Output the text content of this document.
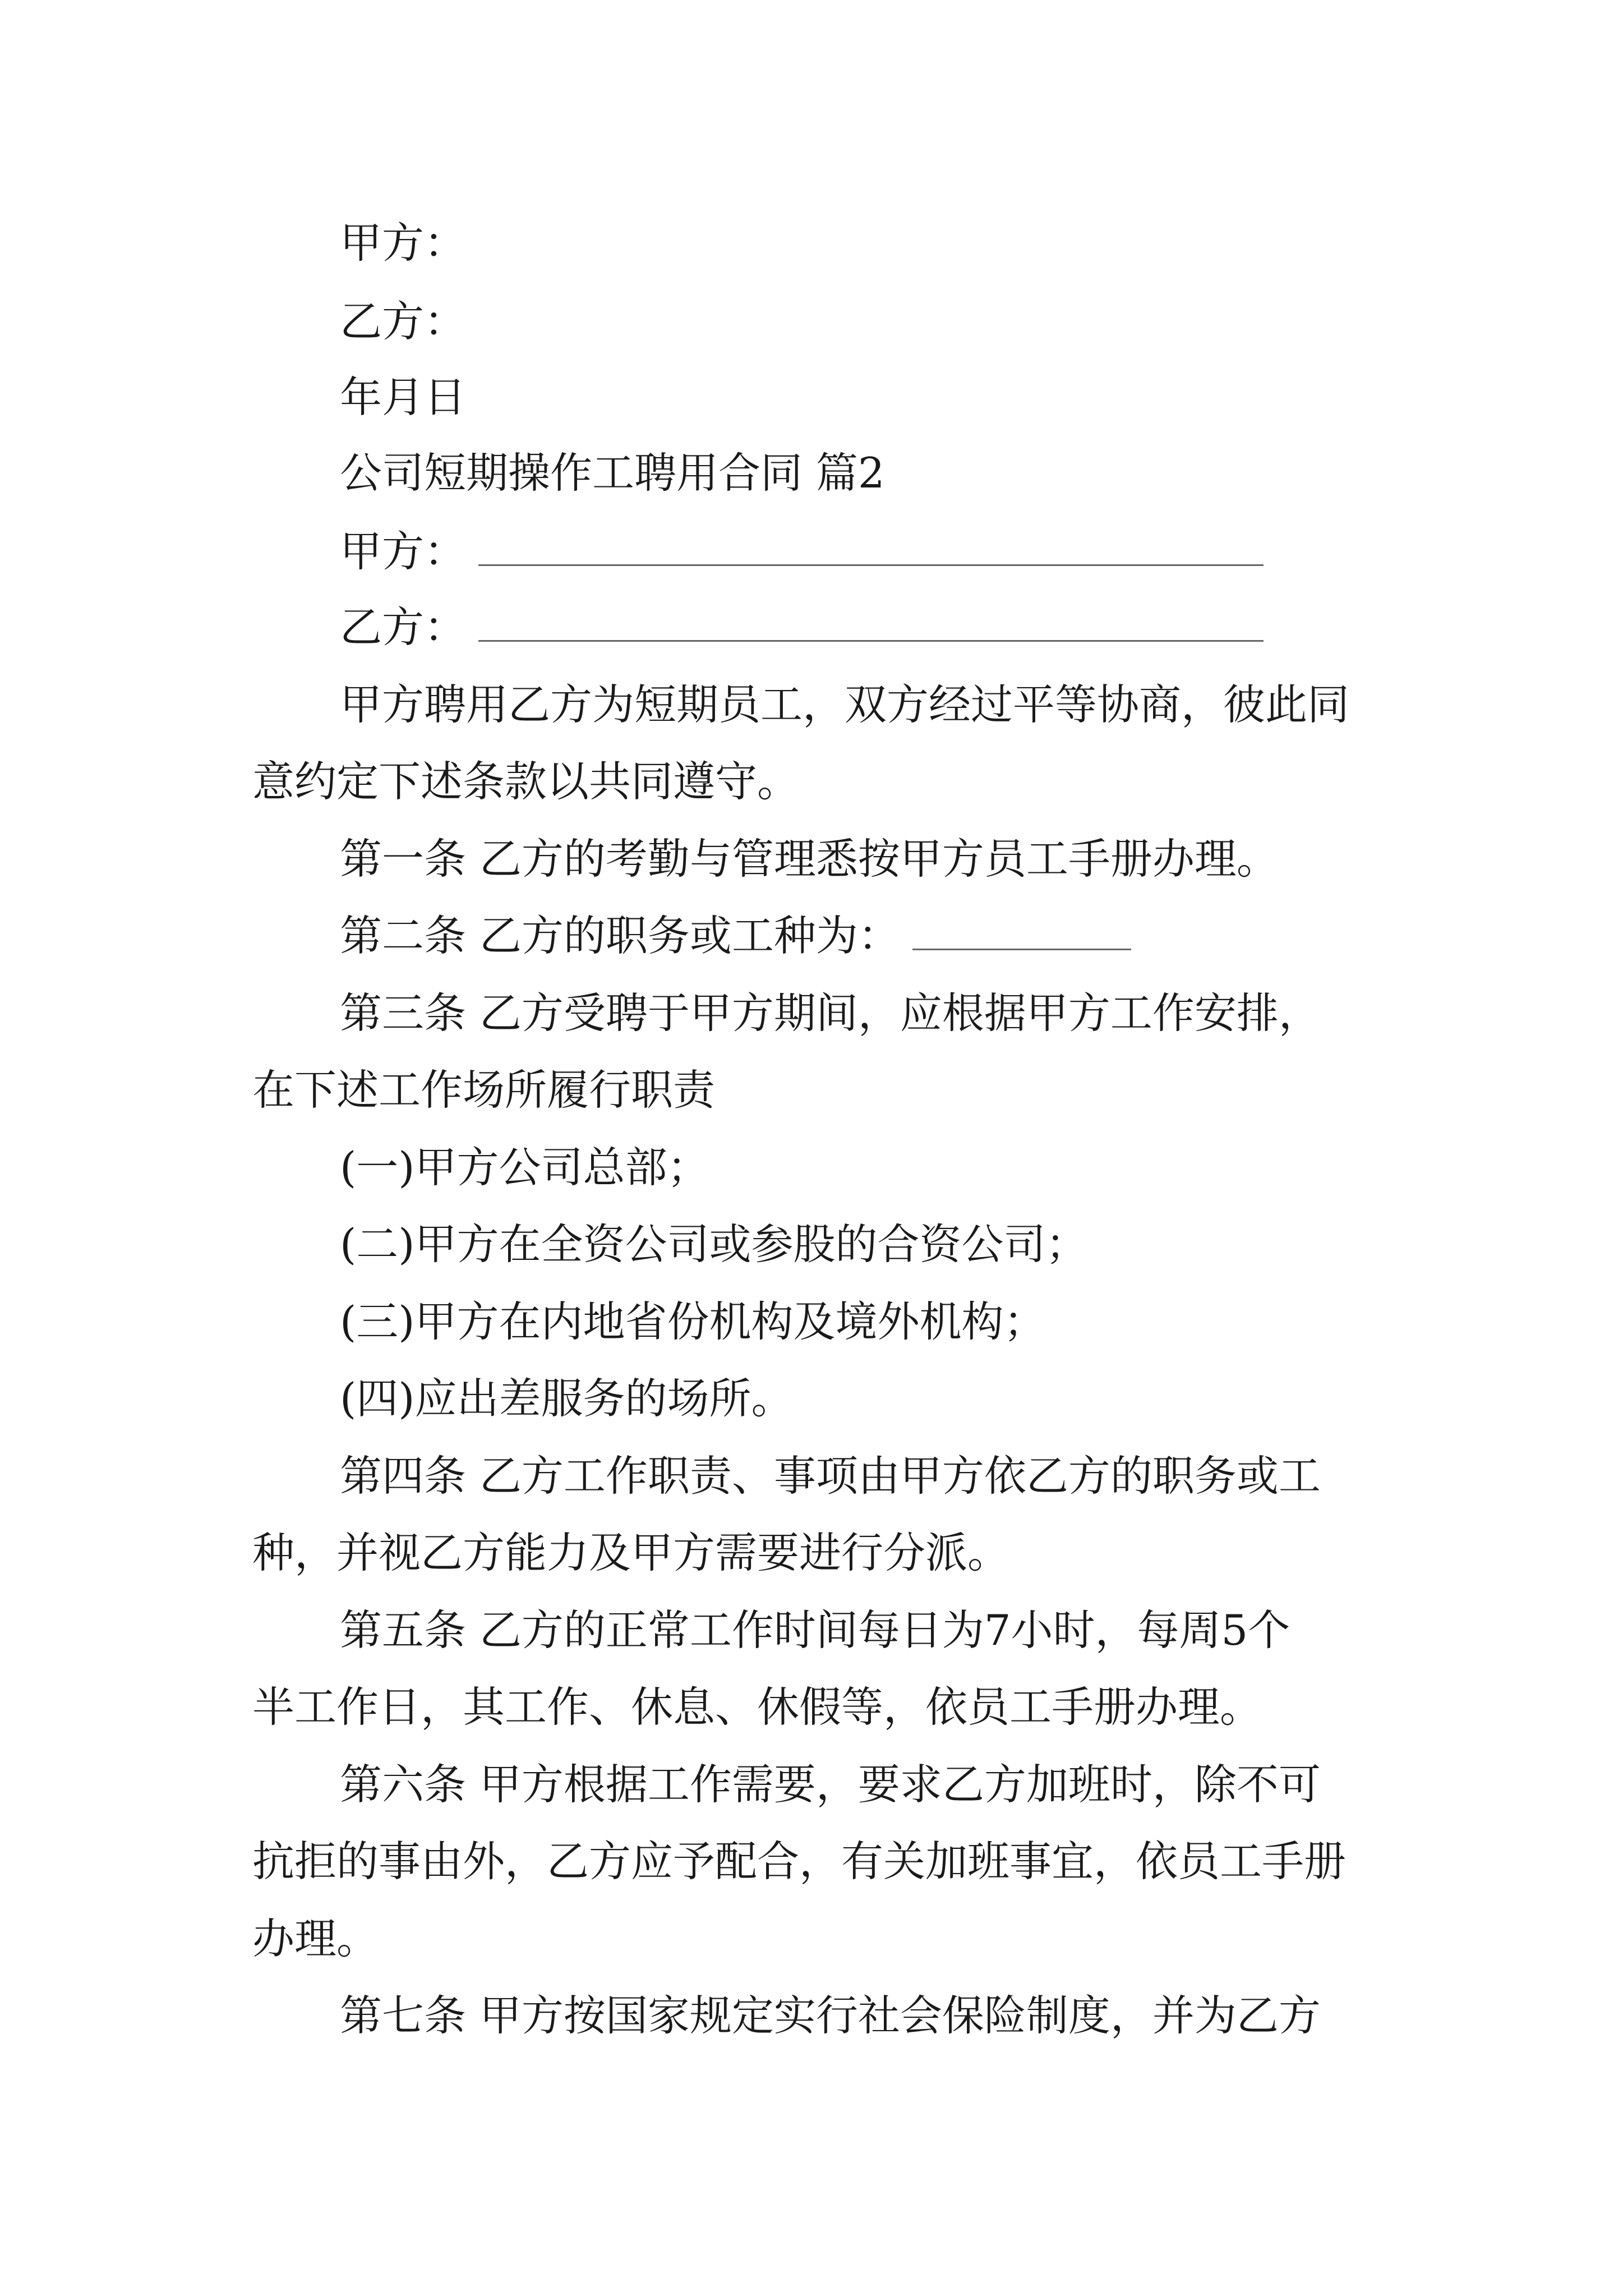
甲方：
乙方：
年月日
公司短期操作工聘用合同 篇2
甲方：
乙方：
甲方聘用乙方为短期员工，双方经过平等协商，彼此同
意约定下述条款以共同遵守。
第一条 乙方的考勤与管理悉按甲方员工手册办理。
第二条 乙方的职务或工种为：
第三条 乙方受聘于甲方期间，应根据甲方工作安排，
在下述工作场所履行职责
(一)甲方公司总部；
(二)甲方在全资公司或参股的合资公司；
(三)甲方在内地省份机构及境外机构；
(四)应出差服务的场所。
第四条 乙方工作职责、事项由甲方依乙方的职务或工
种，并视乙方能力及甲方需要进行分派。
第五条 乙方的正常工作时间每日为7小时，每周5个
半工作日，其工作、休息、休假等，依员工手册办理。
第六条 甲方根据工作需要，要求乙方加班时，除不可
抗拒的事由外，乙方应予配合，有关加班事宜，依员工手册
办理。
第七条 甲方按国家规定实行社会保险制度，并为乙方
